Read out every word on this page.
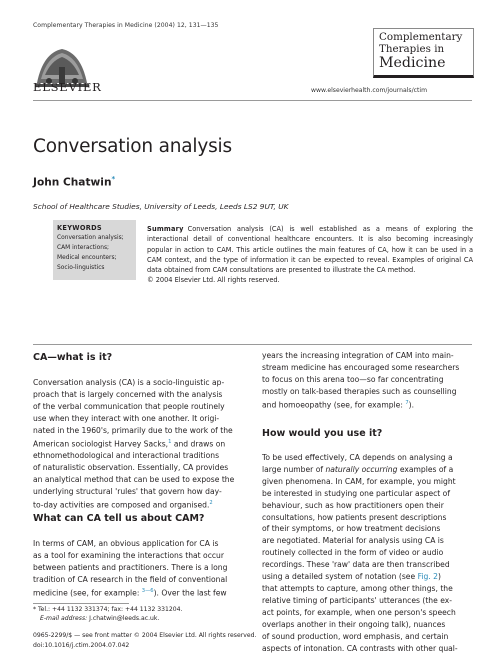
Complementary Therapies in Medicine (2004) 12, 131—135
ELSEVIER
Complementary
Therapies in
Medicine
www.elsevierhealth.com/journals/ctim
Conversation analysis
John Chatwin*
School of Healthcare Studies, University of Leeds, Leeds LS2 9UT, UK
KEYWORDS
Conversation analysis;
CAM interactions;
Medical encounters;
Socio-linguistics
Summary Conversation analysis (CA) is well established as a means of exploring the interactional detail of conventional healthcare encounters. It is also becoming increasingly popular in action to CAM. This article outlines the main features of CA, how it can be used in a CAM context, and the type of information it can be expected to reveal. Examples of original CA data obtained from CAM consultations are presented to illustrate the CA method.
© 2004 Elsevier Ltd. All rights reserved.
CA—what is it?
Conversation analysis (CA) is a socio-linguistic ap-
proach that is largely concerned with the analysis
of the verbal communication that people routinely
use when they interact with one another. It origi-
nated in the 1960's, primarily due to the work of the
American sociologist Harvey Sacks,$^1$ and draws on
ethnomethodological and interactional traditions
of naturalistic observation. Essentially, CA provides
an analytical method that can be used to expose the
underlying structural 'rules' that govern how day-
to-day activities are composed and organised.$^2$
What can CA tell us about CAM?
In terms of CAM, an obvious application for CA is
as a tool for examining the interactions that occur
between patients and practitioners. There is a long
tradition of CA research in the field of conventional
medicine (see, for example: $^{3—6}$). Over the last few
* Tel.: +44 1132 331374; fax: +44 1132 331204.
E-mail address: J.chatwin@leeds.ac.uk.
0965-2299/$ — see front matter © 2004 Elsevier Ltd. All rights reserved.
doi:10.1016/j.ctim.2004.07.042
years the increasing integration of CAM into main-
stream medicine has encouraged some researchers
to focus on this arena too—so far concentrating
mostly on talk-based therapies such as counselling
and homoeopathy (see, for example: $^7$).
How would you use it?
To be used effectively, CA depends on analysing a
large number of naturally occurring examples of a
given phenomena. In CAM, for example, you might
be interested in studying one particular aspect of
behaviour, such as how practitioners open their
consultations, how patients present descriptions
of their symptoms, or how treatment decisions
are negotiated. Material for analysis using CA is
routinely collected in the form of video or audio
recordings. These 'raw' data are then transcribed
using a detailed system of notation (see Fig. 2)
that attempts to capture, among other things, the
relative timing of participants' utterances (the ex-
act points, for example, when one person's speech
overlaps another in their ongoing talk), nuances
of sound production, word emphasis, and certain
aspects of intonation. CA contrasts with other qual-
